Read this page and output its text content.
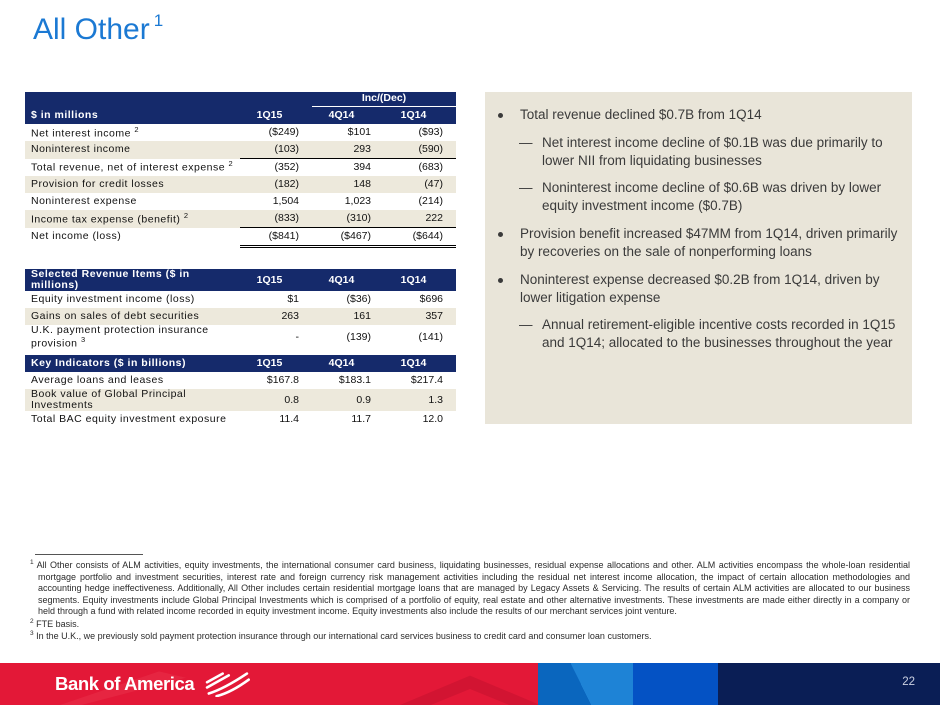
All Other $^1$
		Inc/(Dec)	
$ in millions	1Q15	4Q14	1Q14
Net interest income $^2$	($249)	$101	($93)
Noninterest income	(103)	293	(590)
Total revenue, net of interest expense $^2$	(352)	394	(683)
Provision for credit losses	(182)	148	(47)
Noninterest expense	1,504	1,023	(214)
Income tax expense (benefit) $^2$	(833)	(310)	222
Net income (loss)	($841)	($467)	($644)
Selected Revenue Items ($ in millions)	1Q15	4Q14	1Q14
Equity investment income (loss)	$1	($36)	$696
Gains on sales of debt securities	263	161	357
U.K. payment protection insurance provision $^3$	-	(139)	(141)
Key Indicators ($ in billions)	1Q15	4Q14	1Q14
Average loans and leases	$167.8	$183.1	$217.4
Book value of Global Principal Investments	0.8	0.9	1.3
Total BAC equity investment exposure	11.4	11.7	12.0
Total revenue declined $0.7B from 1Q14
— Net interest income decline of $0.1B was due primarily to lower NII from liquidating businesses
— Noninterest income decline of $0.6B was driven by lower equity investment income ($0.7B)
Provision benefit increased $47MM from 1Q14, driven primarily by recoveries on the sale of nonperforming loans
Noninterest expense decreased $0.2B from 1Q14, driven by lower litigation expense
— Annual retirement-eligible incentive costs recorded in 1Q15 and 1Q14; allocated to the businesses throughout the year
$^1$ All Other consists of ALM activities, equity investments, the international consumer card business, liquidating businesses, residual expense allocations and other. ALM activities encompass the whole-loan residential mortgage portfolio and investment securities, interest rate and foreign currency risk management activities including the residual net interest income allocation, the impact of certain allocation methodologies and accounting hedge ineffectiveness. Additionally, All Other includes certain residential mortgage loans that are managed by Legacy Assets & Servicing. The results of certain ALM activities are allocated to our business segments. Equity investments include Global Principal Investments which is comprised of a portfolio of equity, real estate and other alternative investments. These investments are made either directly in a company or held through a fund with related income recorded in equity investment income. Equity investments also include the results of our merchant services joint venture.
$^2$ FTE basis.
$^3$ In the U.K., we previously sold payment protection insurance through our international card services business to credit card and consumer loan customers.
Bank of America	22
